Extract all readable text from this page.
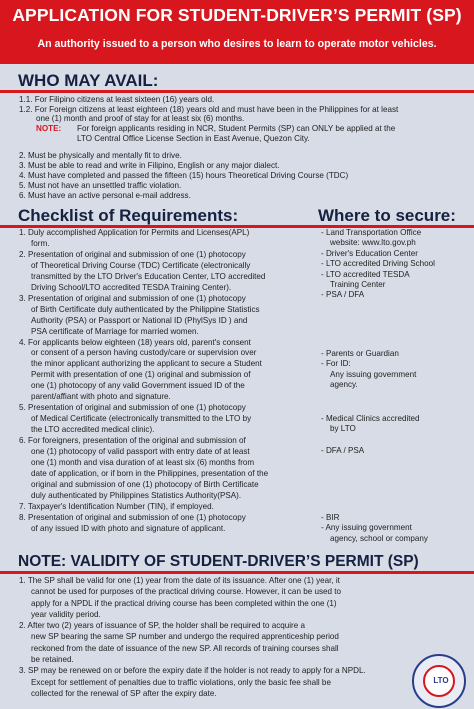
APPLICATION FOR STUDENT-DRIVER’S PERMIT (SP)
An authority issued to a person who desires to learn to operate motor vehicles.
WHO MAY AVAIL:
1.1. For Filipino citizens at least sixteen (16) years old.
1.2. For Foreign citizens at least eighteen (18) years old and must have been in the Philippines for at least
one (1) month and proof of stay for at least six (6) months.
NOTE: For foreign applicants residing in NCR, Student Permits (SP) can ONLY be applied at the
LTO Central Office License Section in East Avenue, Quezon City.
2. Must be physically and mentally fit to drive.
3. Must be able to read and write in Filipino, English or any major dialect.
4. Must have completed and passed the fifteen (15) hours Theoretical Driving Course (TDC)
5. Must not have an unsettled traffic violation.
6. Must have an active personal e-mail address.
Checklist of Requirements:	Where to secure:
1. Duly accomplished Application for Permits and Licenses(APL)
form.
2. Presentation of original and submission of one (1) photocopy
of Theoretical Driving Course (TDC) Certificate (electronically
transmitted by the LTO Driver's Education Center, LTO accredited
Driving School/LTO accredited TESDA Training Center).
3. Presentation of original and submission of one (1) photocopy
of Birth Certificate duly authenticated by the Philippine Statistics
Authority (PSA) or Passport or National ID (PhylSys ID ) and
PSA certificate of Marriage for married women.
4. For applicants below eighteen (18) years old, parent's consent
or consent of a person having custody/care or supervision over
the minor applicant authorizing the applicant to secure a Student
Permit with presentation of one (1) original and submission of
one (1) photocopy of any valid Government issued ID of the
parent/affiant with photo and signature.
5. Presentation of original and submission of one (1) photocopy
of Medical Certificate (electronically transmitted to the LTO by
the LTO accredited medical clinic).
6. For foreigners, presentation of the original and submission of
one (1) photocopy of valid passport with entry date of at least
one (1) month and visa duration of at least six (6) months from
date of application, or if born in the Philippines, presentation of the
original and submission of one (1) photocopy of Birth Certificate
duly authenticated by Philippines Statistics Authority(PSA).
7. Taxpayer's Identification Number (TIN), if employed.
8. Presentation of original and submission of one (1) photocopy
of any issued ID with photo and signature of applicant.
- Land Transportation Office
website: www.lto.gov.ph
- Driver's Education Center
- LTO accredited Driving School
- LTO accredited TESDA
Training Center
- PSA / DFA
- Parents or Guardian
- For ID:
Any issuing government
agency.
- Medical Clinics accredited
by LTO
- DFA / PSA
- BIR
- Any issuing government
agency, school or company
NOTE: VALIDITY OF STUDENT-DRIVER’S PERMIT (SP)
1. The SP shall be valid for one (1) year from the date of its issuance. After one (1) year, it
cannot be used for purposes of the practical driving course. However, it can be used to
apply for a NPDL if the practical driving course has been completed within the one (1)
year validity period.
2. After two (2) years of issuance of SP, the holder shall be required to acquire a
new SP bearing the same SP number and undergo the required apprenticeship period
reckoned from the date of issuance of the new SP. All records of training courses shall
be retained.
3. SP may be renewed on or before the expiry date if the holder is not ready to apply for a NPDL.
Except for settlement of penalties due to traffic violations, only the basic fee shall be
collected for the renewal of SP after the expiry date.
LTO
